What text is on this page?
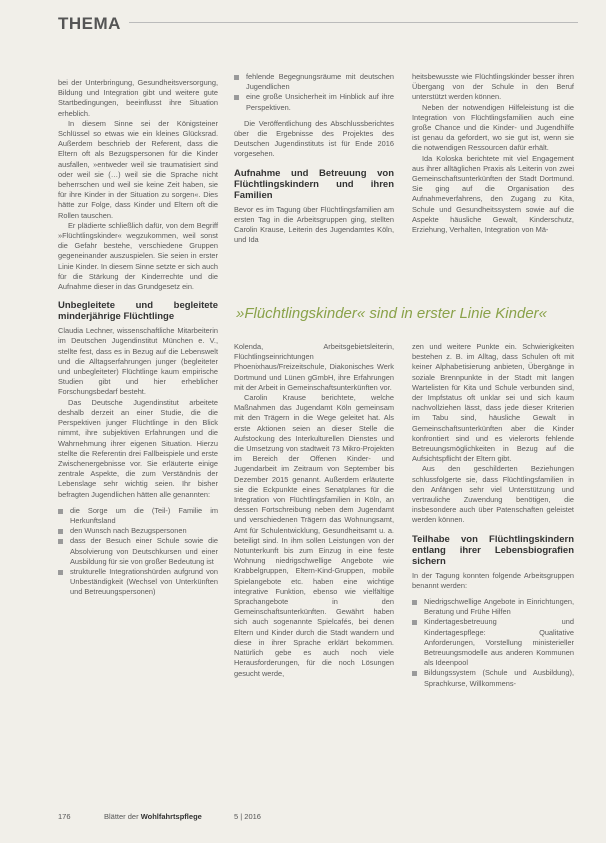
THEMA

bei der Unterbringung, Gesundheitsversorgung, Bildung und Integration gibt und weitere gute Startbedingungen, beeinflusst ihre Situation erheblich.

In diesem Sinne sei der Königsteiner Schlüssel so etwas wie ein kleines Glücksrad. Außerdem beschrieb der Referent, dass die Eltern oft als Bezugspersonen für die Kinder ausfallen, »entweder weil sie traumatisiert sind oder weil sie (…) weil sie die Sprache nicht beherrschen und weil sie keine Zeit haben, sie für ihre Kinder in der Situation zu sorgen«. Dies hätte zur Folge, dass Kinder und Eltern oft die Rollen tauschen.

Er plädierte schließlich dafür, von dem Begriff »Flüchtlingskinder« wegzukommen, weil sonst die Gefahr bestehe, verschiedene Gruppen gegeneinander auszuspielen. Sie seien in erster Linie Kinder. In diesem Sinne setzte er sich auch für die Stärkung der Kinderrechte und die Aufnahme dieser in das Grundgesetz ein.

Unbegleitete und begleitete minderjährige Flüchtlinge

Claudia Lechner, wissenschaftliche Mitarbeiterin im Deutschen Jugendinstitut München e. V., stellte fest, dass es in Bezug auf die Lebenswelt und die Alltagserfahrungen junger (begleiteter und unbegleiteter) Flüchtlinge kaum empirische Studien gibt und hier erheblicher Forschungsbedarf besteht.

Das Deutsche Jugendinstitut arbeitete deshalb derzeit an einer Studie, die die Perspektiven junger Flüchtlinge in den Blick nimmt, ihre subjektiven Erfahrungen und die Wahrnehmung ihrer eigenen Situation. Hierzu stellte die Referentin drei Fallbeispiele und erste Zwischenergebnisse vor. Sie erläuterte einige zentrale Aspekte, die zum Verständnis der Lebenslage sehr wichtig seien. Ihr bisher befragten Jugendlichen hätten alle genannten:

die Sorge um die (Teil-) Familie im Herkunftsland
den Wunsch nach Bezugspersonen
dass der Besuch einer Schule sowie die Absolvierung von Deutschkursen und einer Ausbildung für sie von großer Bedeutung ist
strukturelle Integrationshürden aufgrund von Unbeständigkeit (Wechsel von Unterkünften und Betreuungspersonen)
fehlende Begegnungsräume mit deutschen Jugendlichen
eine große Unsicherheit im Hinblick auf ihre Perspektiven.

Die Veröffentlichung des Abschlussberichtes über die Ergebnisse des Projektes des Deutschen Jugendinstituts ist für Ende 2016 vorgesehen.

Aufnahme und Betreuung von Flüchtlingskindern und ihren Familien

Bevor es im Tagung über Flüchtlingsfamilien am ersten Tag in die Arbeitsgruppen ging, stellten Carolin Krause, Leiterin des Jugendamtes Köln, und Ida

heitsbewusste wie Flüchtlingskinder besser ihren Übergang von der Schule in den Beruf unterstützt werden können.

Neben der notwendigen Hilfeleistung ist die Integration von Flüchtlingsfamilien auch eine große Chance und die Kinder- und Jugendhilfe ist genau da gefordert, wo sie gut ist, wenn sie die notwendigen Ressourcen dafür erhält.

Ida Koloska berichtete mit viel Engagement aus ihrer alltäglichen Praxis als Leiterin von zwei Gemeinschaftsunterkünften der Stadt Dortmund. Sie ging auf die Organisation des Aufnahmeverfahrens, den Zugang zu Kita, Schule und Gesundheitssystem sowie auf die Aspekte häusliche Gewalt, Kinderschutz, Erziehung, Verhalten, Integration von Mä-

»Flüchtlingskinder« sind in erster Linie Kinder«

Kolenda, Arbeitsgebietsleiterin, Flüchtlingseinrichtungen Phoenixhaus/Freizeitschule, Diakonisches Werk Dortmund und Lünen gGmbH, ihre Erfahrungen mit der Arbeit in Gemeinschaftsunterkünften vor.

Carolin Krause berichtete, welche Maßnahmen das Jugendamt Köln gemeinsam mit den Trägern in die Wege geleitet hat. Als erste Aktionen seien an dieser Stelle die Aufstockung des Interkulturellen Dienstes und die Umsetzung von stadtweit 73 Mikro-Projekten im Bereich der Offenen Kinder- und Jugendarbeit im Zeitraum von September bis Dezember 2015 genannt. Außerdem erläuterte sie die Eckpunkte eines Senatplanes für die Integration von Flüchtlingsfamilien in Köln, an dessen Fortschreibung neben dem Jugendamt und verschiedenen Trägern das Wohnungsamt, Amt für Schulentwicklung, Gesundheitsamt u. a. beteiligt sind. In ihm sollen Leistungen von der Notunterkunft bis zum Einzug in eine feste Wohnung niedrigschwellige Angebote wie Krabbelgruppen, Eltern-Kind-Gruppen, mobile Spielangebote etc. haben eine wichtige integrative Funktion, ebenso wie vielfältige Sprachangebote in den Gemeinschaftsunterkünften. Gewährt haben sich auch sogenannte Spielcafés, bei denen Eltern und Kinder durch die Stadt wandern und diese in ihrer Sprache erklärt bekommen. Natürlich gebe es auch noch viele Herausforderungen, für die noch Lösungen gesucht werde,

zen und weitere Punkte ein. Schwierigkeiten bestehen z. B. im Alltag, dass Schulen oft mit keiner Alphabetisierung anbieten, Übergänge in soziale Brennpunkte in der Stadt mit langen Wartelisten für Kita und Schule verbunden sind, der Impfstatus oft unklar sei und sich kaum nachvollziehen lässt, dass jede dieser Kriterien im Tabu sind, häusliche Gewalt in Gemeinschaftsunterkünften aber die Kinder konfrontiert sind und es vielerorts fehlende Betreuungsmöglichkeiten in Bezug auf die Aufsichtspflicht der Eltern gibt.

Aus den geschilderten Beziehungen schlussfolgerte sie, dass Flüchtlingsfamilien in den Anfängen sehr viel Unterstützung und vertrauliche Zuwendung benötigen, die insbesondere auch über Patenschaften geleistet werden können.

Teilhabe von Flüchtlingskindern entlang ihrer Lebensbiografien sichern

In der Tagung konnten folgende Arbeitsgruppen benannt werden:

Niedrigschwellige Angebote in Einrichtungen, Beratung und Frühe Hilfen
Kindertagesbetreuung und Kindertagespflege: Qualitative Anforderungen, Vorstellung ministerieller Betreuungsmodelle aus anderen Kommunen als Ideenpool
Bildungssystem (Schule und Ausbildung), Sprachkurse, Willkommens-
176	Blätter der Wohlfahrtspflege	5 | 2016
